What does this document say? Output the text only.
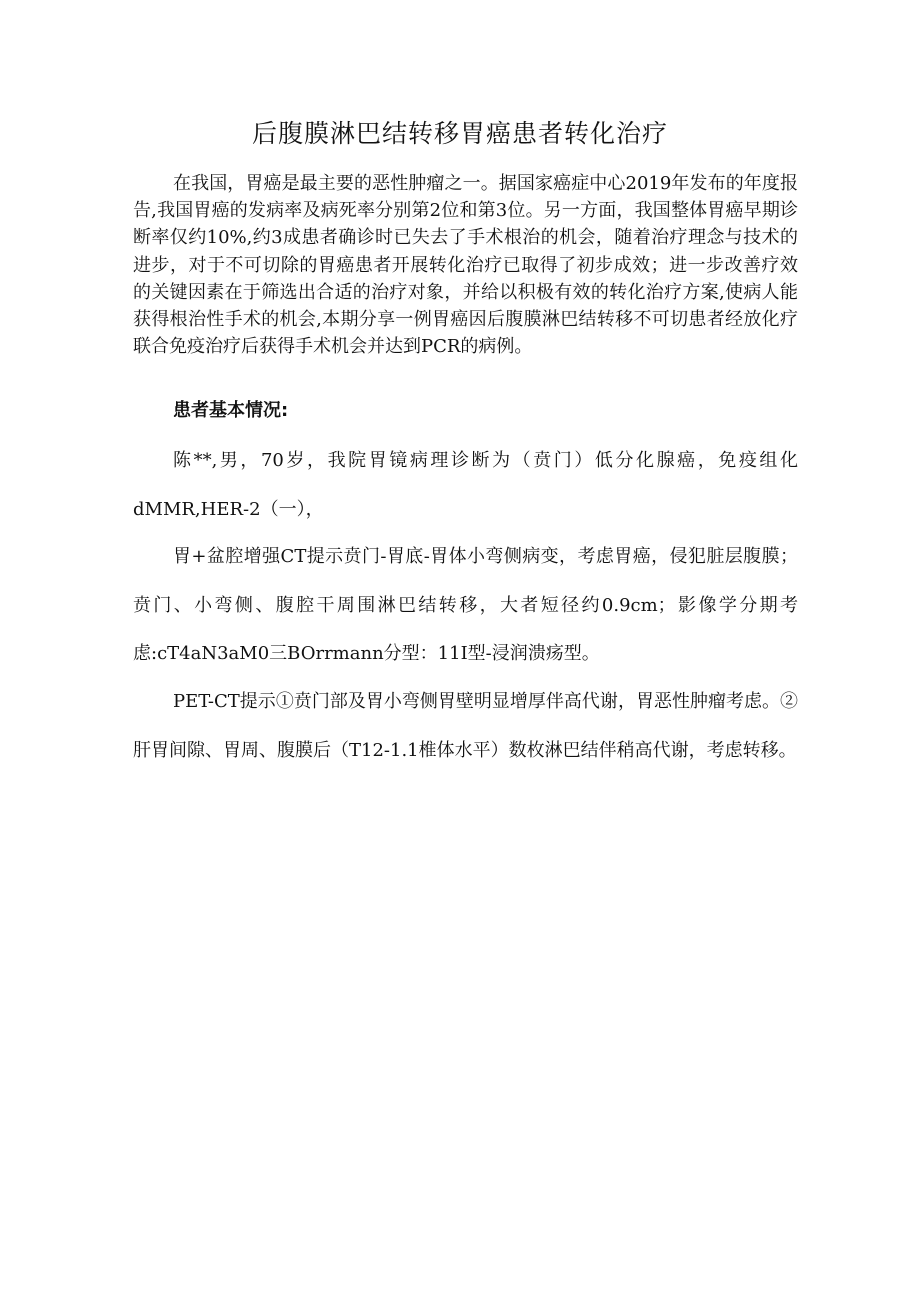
后腹膜淋巴结转移胃癌患者转化治疗

在我国，胃癌是最主要的恶性肿瘤之一。据国家癌症中心2019年发布的年度报告,我国胃癌的发病率及病死率分别第2位和第3位。另一方面，我国整体胃癌早期诊断率仅约10%,约3成患者确诊时已失去了手术根治的机会，随着治疗理念与技术的进步，对于不可切除的胃癌患者开展转化治疗已取得了初步成效；进一步改善疗效的关键因素在于筛选出合适的治疗对象，并给以积极有效的转化治疗方案,使病人能获得根治性手术的机会,本期分享一例胃癌因后腹膜淋巴结转移不可切患者经放化疗联合免疫治疗后获得手术机会并达到PCR的病例。

患者基本情况:

陈**,男，70岁，我院胃镜病理诊断为（贲门）低分化腺癌，免疫组化dMMR,HER-2（一），

胃+盆腔增强CT提示贲门-胃底-胃体小弯侧病变，考虑胃癌，侵犯脏层腹膜；贲门、小弯侧、腹腔干周围淋巴结转移，大者短径约0.9cm；影像学分期考虑:cT4aN3aM0三BOrrmann分型：11I型-浸润溃疡型。

PET-CT提示①贲门部及胃小弯侧胃壁明显增厚伴高代谢，胃恶性肿瘤考虑。②肝胃间隙、胃周、腹膜后（T12-1.1椎体水平）数枚淋巴结伴稍高代谢，考虑转移。
